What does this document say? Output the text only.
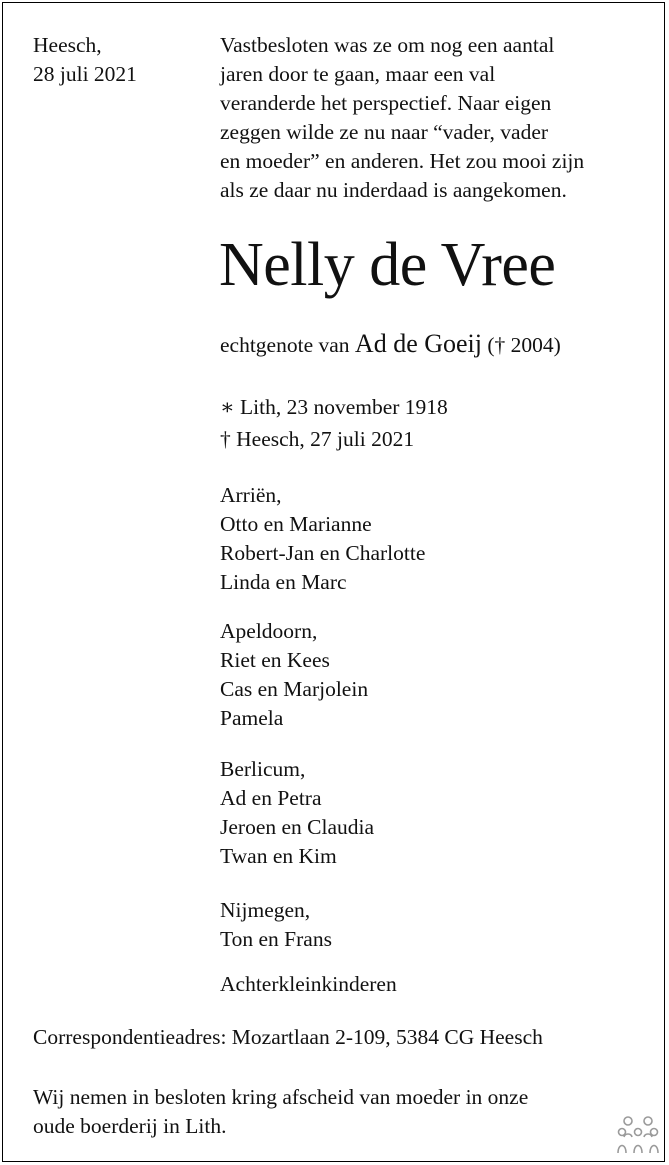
Heesch,
28 juli 2021
Vastbesloten was ze om nog een aantal
jaren door te gaan, maar een val
veranderde het perspectief. Naar eigen
zeggen wilde ze nu naar “vader, vader
en moeder” en anderen. Het zou mooi zijn
als ze daar nu inderdaad is aangekomen.
Nelly de Vree
echtgenote van Ad de Goeij († 2004)
∗ Lith, 23 november 1918
† Heesch, 27 juli 2021
Arriën,
Otto en Marianne
Robert-Jan en Charlotte
Linda en Marc
Apeldoorn,
Riet en Kees
Cas en Marjolein
Pamela
Berlicum,
Ad en Petra
Jeroen en Claudia
Twan en Kim
Nijmegen,
Ton en Frans
Achterkleinkinderen
Correspondentieadres: Mozartlaan 2-109, 5384 CG Heesch
Wij nemen in besloten kring afscheid van moeder in onze
oude boerderij in Lith.
